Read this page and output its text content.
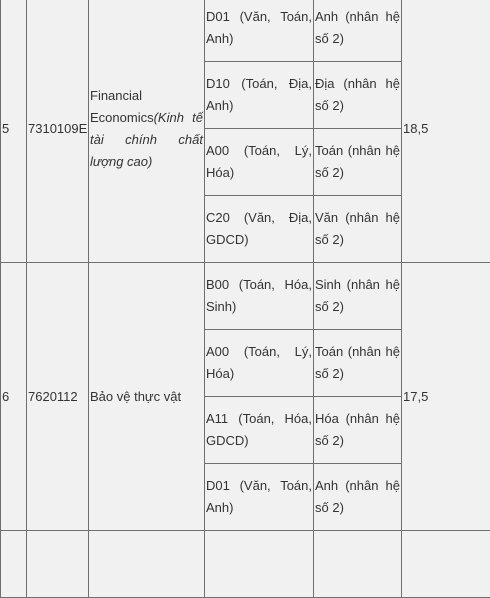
5	7310109E	Financial Economics(Kinh tế tài chính chất lượng cao)	D01 (Văn, Toán, Anh)	Anh (nhân hệ số 2)	18,5
			D10 (Toán, Địa, Anh)	Địa (nhân hệ số 2)	
			A00 (Toán, Lý, Hóa)	Toán (nhân hệ số 2)	
			C20 (Văn, Địa, GDCD)	Văn (nhân hệ số 2)	
6	7620112	Bảo vệ thực vật	B00 (Toán, Hóa, Sinh)	Sinh (nhân hệ số 2)	17,5
			A00 (Toán, Lý, Hóa)	Toán (nhân hệ số 2)	
			A11 (Toán, Hóa, GDCD)	Hóa (nhân hệ số 2)	
			D01 (Văn, Toán, Anh)	Anh (nhân hệ số 2)	
